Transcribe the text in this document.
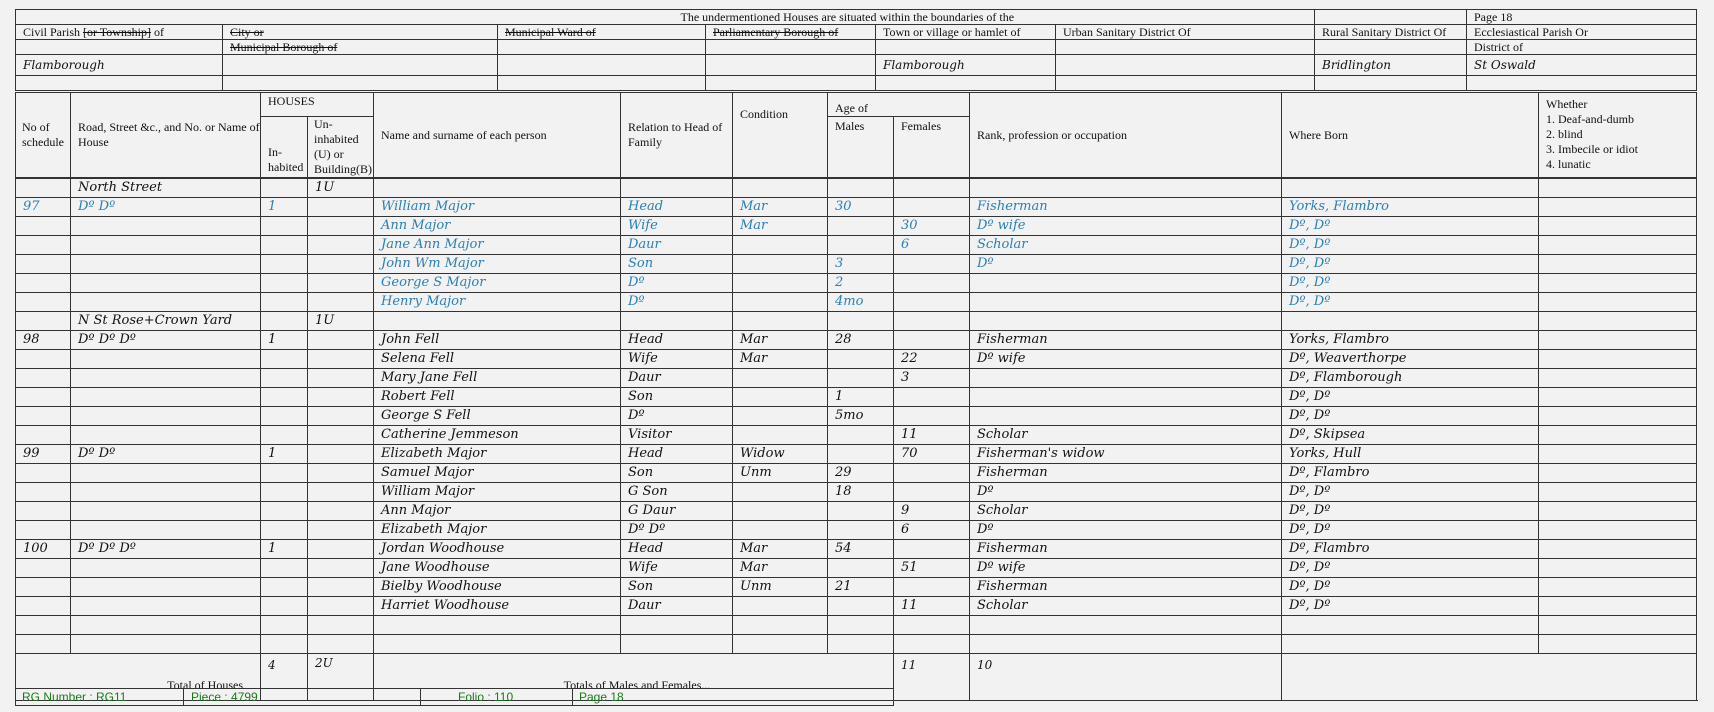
				The undermentioned Houses are situated within the boundaries of the			Page 18
Civil Parish [or Township] of	City or	Municipal Ward of	Parliamentary Borough of	Town or village or hamlet of	Urban Sanitary District Of	Rural Sanitary District Of	Ecclesiastical Parish Or
	Municipal Borough of						District of
Flamborough				Flamborough		Bridlington	St Oswald

No of schedule	Road, Street &c., and No. or Name of House	HOUSES		Name and surname of each person	Relation to Head of Family	Condition	Age of		Rank, profession or occupation	Where Born	Whether
1. Deaf-and-dumb
2. blind
3. Imbecile or idiot
4. lunatic

		In-habited	Un-inhabited (U) or Building(B)				Males	Females			

	North Street		1U								
97	Dº Dº	1		William Major	Head	Mar	30		Fisherman	Yorks, Flambro	
				Ann Major	Wife	Mar		30	Dº wife	Dº, Dº	
				Jane Ann Major	Daur			6	Scholar	Dº, Dº	
				John Wm Major	Son		3		Dº	Dº, Dº	
				George S Major	Dº		2			Dº, Dº	
				Henry Major	Dº		4mo			Dº, Dº	
	N St Rose+Crown Yard		1U								
98	Dº Dº Dº	1		John Fell	Head	Mar	28		Fisherman	Yorks, Flambro	
				Selena Fell	Wife	Mar		22	Dº wife	Dº, Weaverthorpe	
				Mary Jane Fell	Daur			3		Dº, Flamborough	
				Robert Fell	Son		1			Dº, Dº	
				George S Fell	Dº		5mo			Dº, Dº	
				Catherine Jemmeson	Visitor			11	Scholar	Dº, Skipsea	
99	Dº Dº	1		Elizabeth Major	Head	Widow		70	Fisherman's widow	Yorks, Hull	
				Samuel Major	Son	Unm	29		Fisherman	Dº, Flambro	
				William Major	G Son		18		Dº	Dº, Dº	
				Ann Major	G Daur			9	Scholar	Dº, Dº	
				Elizabeth Major	Dº Dº			6	Dº	Dº, Dº	
100	Dº Dº Dº	1		Jordan Woodhouse	Head	Mar	54		Fisherman	Dº, Flambro	
				Jane Woodhouse	Wife	Mar		51	Dº wife	Dº, Dº	
				Bielby Woodhouse	Son	Unm	21		Fisherman	Dº, Dº	
				Harriet Woodhouse	Daur			11	Scholar	Dº, Dº	

Total of Houses		4	2U	Totals of Males and Females...				11	10		

RG Number : RG11	Piece : 4799	Folio : 110	Page 18
